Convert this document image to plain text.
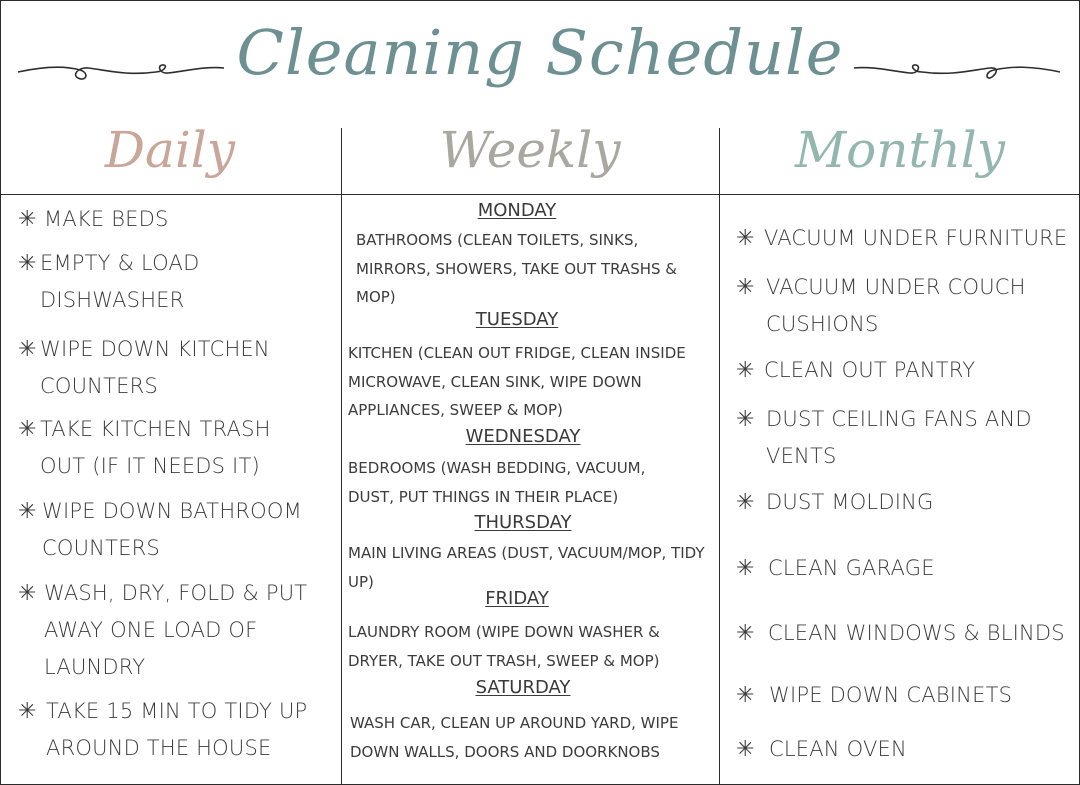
Cleaning Schedule
Daily	Weekly	Monthly
✳ MAKE BEDS
✳ EMPTY & LOAD DISHWASHER
✳ WIPE DOWN KITCHEN COUNTERS
✳ TAKE KITCHEN TRASH OUT (IF IT NEEDS IT)
✳ WIPE DOWN BATHROOM COUNTERS
✳ WASH, DRY, FOLD & PUT AWAY ONE LOAD OF LAUNDRY
✳ TAKE 15 MIN TO TIDY UP AROUND THE HOUSE
MONDAY
BATHROOMS (CLEAN TOILETS, SINKS, MIRRORS, SHOWERS, TAKE OUT TRASHS & MOP)
TUESDAY
KITCHEN (CLEAN OUT FRIDGE, CLEAN INSIDE MICROWAVE, CLEAN SINK, WIPE DOWN APPLIANCES, SWEEP & MOP)
WEDNESDAY
BEDROOMS (WASH BEDDING, VACUUM, DUST, PUT THINGS IN THEIR PLACE)
THURSDAY
MAIN LIVING AREAS (DUST, VACUUM/MOP, TIDY UP)
FRIDAY
LAUNDRY ROOM (WIPE DOWN WASHER & DRYER, TAKE OUT TRASH, SWEEP & MOP)
SATURDAY
WASH CAR, CLEAN UP AROUND YARD, WIPE DOWN WALLS, DOORS AND DOORKNOBS
✳ VACUUM UNDER FURNITURE
✳ VACUUM UNDER COUCH CUSHIONS
✳ CLEAN OUT PANTRY
✳ DUST CEILING FANS AND VENTS
✳ DUST MOLDING
✳ CLEAN GARAGE
✳ CLEAN WINDOWS & BLINDS
✳ WIPE DOWN CABINETS
✳ CLEAN OVEN
